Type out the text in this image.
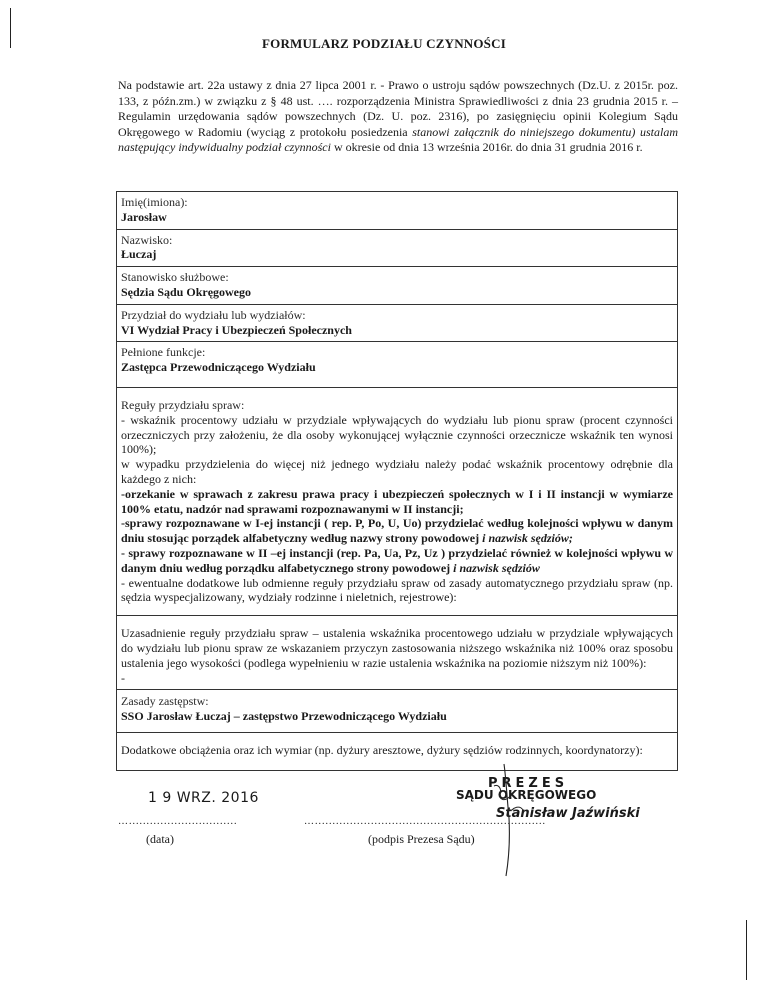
FORMULARZ PODZIAŁU CZYNNOŚCI
Na podstawie art. 22a ustawy z dnia 27 lipca 2001 r. - Prawo o ustroju sądów powszechnych (Dz.U. z 2015r. poz. 133, z późn.zm.) w związku z § 48 ust. …. rozporządzenia Ministra Sprawiedliwości z dnia 23 grudnia 2015 r. – Regulamin urzędowania sądów powszechnych (Dz. U. poz. 2316), po zasięgnięciu opinii Kolegium Sądu Okręgowego w Radomiu (wyciąg z protokołu posiedzenia stanowi załącznik do niniejszego dokumentu) ustalam następujący indywidualny podział czynności w okresie od dnia 13 września 2016r. do dnia 31 grudnia 2016 r.
Imię(imiona):
Jarosław

Nazwisko:
Łuczaj

Stanowisko służbowe:
Sędzia Sądu Okręgowego

Przydział do wydziału lub wydziałów:
VI Wydział Pracy i Ubezpieczeń Społecznych

Pełnione funkcje:
Zastępca Przewodniczącego Wydziału

Reguły przydziału spraw:
- wskaźnik procentowy udziału w przydziale wpływających do wydziału lub pionu spraw (procent czynności orzeczniczych przy założeniu, że dla osoby wykonującej wyłącznie czynności orzecznicze wskaźnik ten wynosi 100%);
w wypadku przydzielenia do więcej niż jednego wydziału należy podać wskaźnik procentowy odrębnie dla każdego z nich:
-orzekanie w sprawach z zakresu prawa pracy i ubezpieczeń społecznych w I i II instancji w wymiarze 100% etatu, nadzór nad sprawami rozpoznawanymi w II instancji;
-sprawy rozpoznawane w I-ej instancji ( rep. P, Po, U, Uo) przydzielać według kolejności wpływu w danym dniu stosując porządek alfabetyczny według nazwy strony powodowej i nazwisk sędziów;
- sprawy rozpoznawane w II –ej instancji (rep. Pa, Ua, Pz, Uz ) przydzielać również w kolejności wpływu w danym dniu według porządku alfabetycznego strony powodowej i nazwisk sędziów
- ewentualne dodatkowe lub odmienne reguły przydziału spraw od zasady automatycznego przydziału spraw (np. sędzia wyspecjalizowany, wydziały rodzinne i nieletnich, rejestrowe):

Uzasadnienie reguły przydziału spraw – ustalenia wskaźnika procentowego udziału w przydziale wpływających do wydziału lub pionu spraw ze wskazaniem przyczyn zastosowania niższego wskaźnika niż 100% oraz sposobu ustalenia jego wysokości (podlega wypełnieniu w razie ustalenia wskaźnika na poziomie niższym niż 100%):
-

Zasady zastępstw:
SSO Jarosław Łuczaj – zastępstwo Przewodniczącego Wydziału

Dodatkowe obciążenia oraz ich wymiar (np. dyżury aresztowe, dyżury sędziów rodzinnych, koordynatorzy):
1 9 WRZ. 2016
…...............................
(data)
PREZES
SĄDU OKRĘGOWEGO
Stanisław Jaźwiński
…..................................................................
(podpis Prezesa Sądu)
